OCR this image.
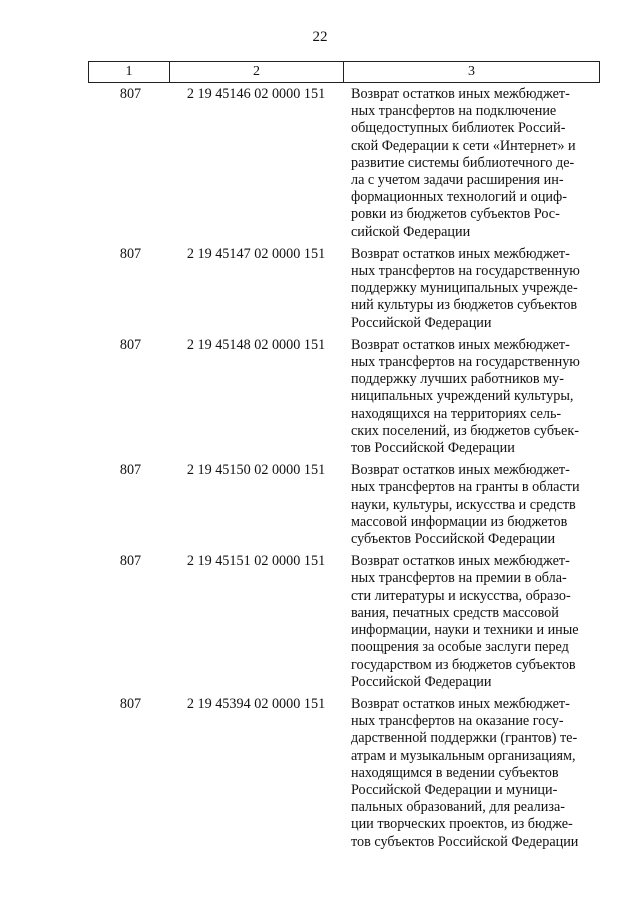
22
1	2	3
807	2 19 45146 02 0000 151	Возврат остатков иных межбюджет-
ных трансфертов на подключение
общедоступных библиотек Россий-
ской Федерации к сети «Интернет» и
развитие системы библиотечного де-
ла с учетом задачи расширения ин-
формационных технологий и оциф-
ровки из бюджетов субъектов Рос-
сийской Федерации
807	2 19 45147 02 0000 151	Возврат остатков иных межбюджет-
ных трансфертов на государственную
поддержку муниципальных учрежде-
ний культуры из бюджетов субъектов
Российской Федерации
807	2 19 45148 02 0000 151	Возврат остатков иных межбюджет-
ных трансфертов на государственную
поддержку лучших работников му-
ниципальных учреждений культуры,
находящихся на территориях сель-
ских поселений, из бюджетов субъек-
тов Российской Федерации
807	2 19 45150 02 0000 151	Возврат остатков иных межбюджет-
ных трансфертов на гранты в области
науки, культуры, искусства и средств
массовой информации из бюджетов
субъектов Российской Федерации
807	2 19 45151 02 0000 151	Возврат остатков иных межбюджет-
ных трансфертов на премии в обла-
сти литературы и искусства, образо-
вания, печатных средств массовой
информации, науки и техники и иные
поощрения за особые заслуги перед
государством из бюджетов субъектов
Российской Федерации
807	2 19 45394 02 0000 151	Возврат остатков иных межбюджет-
ных трансфертов на оказание госу-
дарственной поддержки (грантов) те-
атрам и музыкальным организациям,
находящимся в ведении субъектов
Российской Федерации и муници-
пальных образований, для реализа-
ции творческих проектов, из бюдже-
тов субъектов Российской Федерации
